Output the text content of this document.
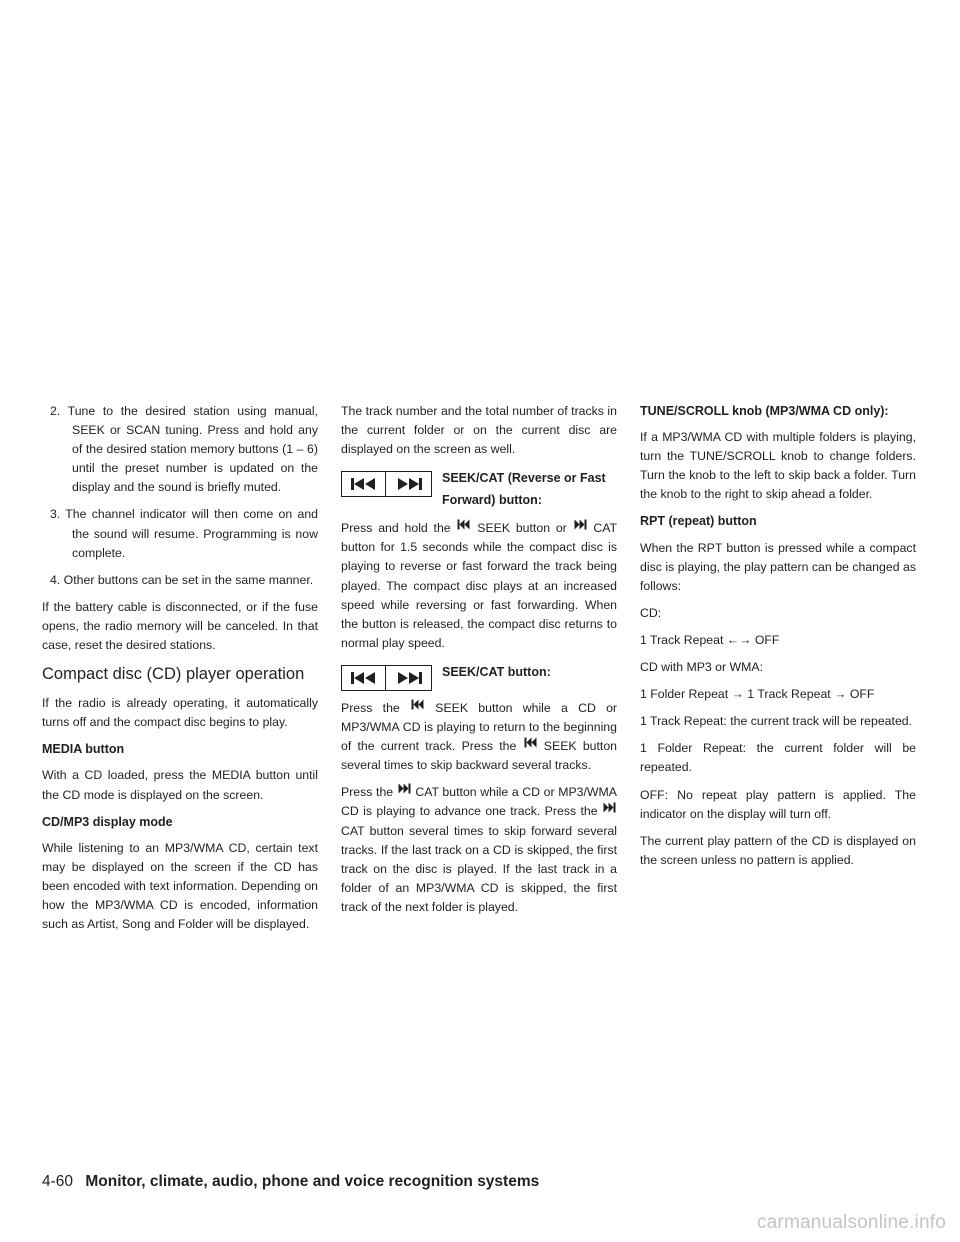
2. Tune to the desired station using manual, SEEK or SCAN tuning. Press and hold any of the desired station memory buttons (1 – 6) until the preset number is updated on the display and the sound is briefly muted.

3. The channel indicator will then come on and the sound will resume. Programming is now complete.

4. Other buttons can be set in the same manner.

If the battery cable is disconnected, or if the fuse opens, the radio memory will be canceled. In that case, reset the desired stations.

Compact disc (CD) player operation

If the radio is already operating, it automatically turns off and the compact disc begins to play.

MEDIA button

With a CD loaded, press the MEDIA button until the CD mode is displayed on the screen.

CD/MP3 display mode

While listening to an MP3/WMA CD, certain text may be displayed on the screen if the CD has been encoded with text information. Depending on how the MP3/WMA CD is encoded, information such as Artist, Song and Folder will be displayed.

The track number and the total number of tracks in the current folder or on the current disc are displayed on the screen as well.

SEEK/CAT (Reverse or Fast Forward) button:

Press and hold the SEEK button or CAT button for 1.5 seconds while the compact disc is playing to reverse or fast forward the track being played. The compact disc plays at an increased speed while reversing or fast forwarding. When the button is released, the compact disc returns to normal play speed.

SEEK/CAT button:

Press the	SEEK button while a CD or MP3/WMA CD is playing to return to the beginning of the current track. Press the SEEK button several times to skip backward several tracks.

Press the CAT button while a CD or MP3/WMA CD is playing to advance one track. Press the
CAT button several times to skip forward several tracks. If the last track on a CD is skipped, the first track on the disc is played. If the last track in a folder of an MP3/WMA CD is skipped, the first track of the next folder is played.

TUNE/SCROLL knob (MP3/WMA CD only):

If a MP3/WMA CD with multiple folders is playing, turn the TUNE/SCROLL knob to change folders. Turn the knob to the left to skip back a folder. Turn the knob to the right to skip ahead a folder.

RPT (repeat) button

When the RPT button is pressed while a compact disc is playing, the play pattern can be changed as follows:

CD:

1 Track Repeat ←→ OFF

CD with MP3 or WMA:

1 Folder Repeat → 1 Track Repeat → OFF

1 Track Repeat: the current track will be repeated.

1 Folder Repeat: the current folder will be repeated.

OFF: No repeat play pattern is applied. The indicator on the display will turn off.

The current play pattern of the CD is displayed on the screen unless no pattern is applied.

4-60 Monitor, climate, audio, phone and voice recognition systems
carmanualsonline.info
